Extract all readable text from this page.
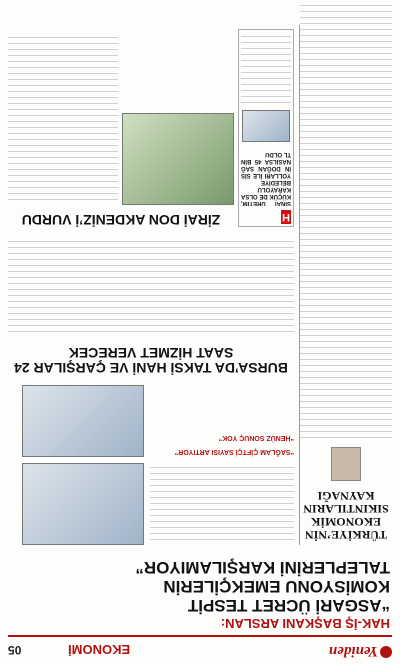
Yeniden
EKONOMİ
05
HAK-İŞ BAŞKANI ARSLAN:
“ASGARİ ÜCRET TESPİT KOMİSYONU EMEKÇİLERİN TALEPLERİNİ KARŞILAMIYOR”
TÜRKİYE’NİN EKONOMİK SIKINTILARIN KAYNAĞI
“SAĞLAM ÇİFTÇİ SAYISI ARTIYOR”
“HENÜZ SONUÇ YOK”
BURSA’DA TAKSİ HANİ VE ÇARŞILAR 24 SAAT HİZMET VERECEK
ZİRAİ DON AKDENİZ’İ VURDU	H
SINAİ ÜRETİM, KÜÇÜK DE OLSA KARAYOLU BELEDİYE YOLLARI İLE SİS İN DOĞAN SAĞ NASILSA 45 BİN TL OLDU
